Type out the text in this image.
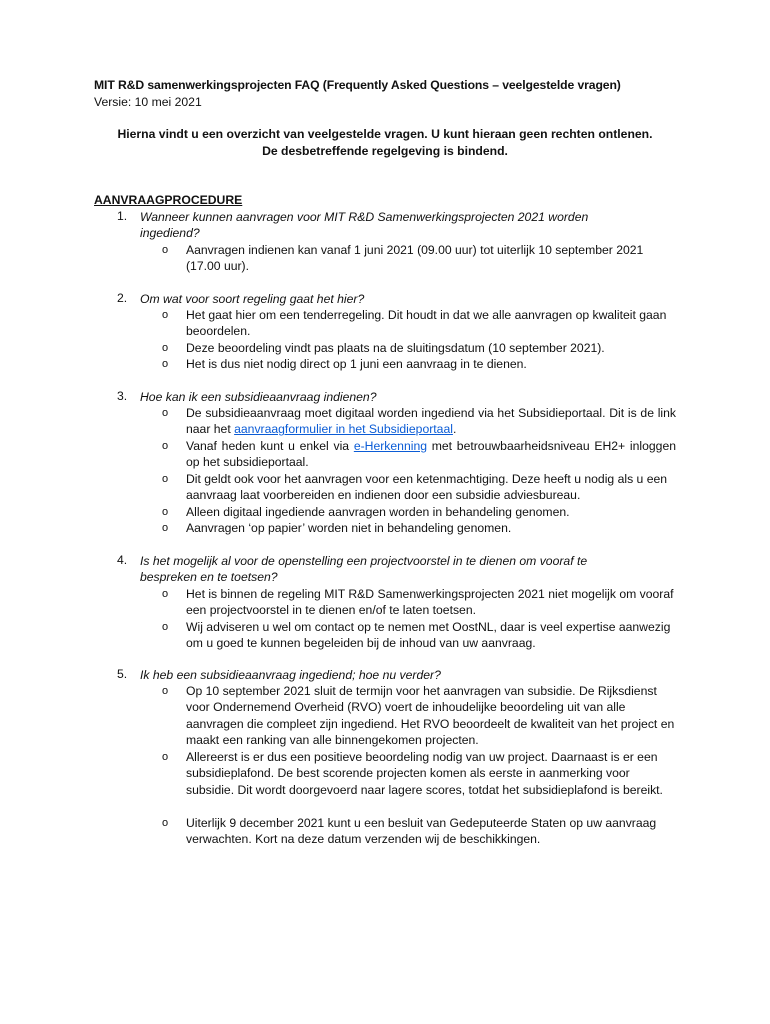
MIT R&D samenwerkingsprojecten FAQ (Frequently Asked Questions – veelgestelde vragen)
Versie: 10 mei 2021
Hierna vindt u een overzicht van veelgestelde vragen. U kunt hieraan geen rechten ontlenen.
De desbetreffende regelgeving is bindend.
AANVRAAGPROCEDURE
1. Wanneer kunnen aanvragen voor MIT R&D Samenwerkingsprojecten 2021 worden ingediend?
o Aanvragen indienen kan vanaf 1 juni 2021 (09.00 uur) tot uiterlijk 10 september 2021 (17.00 uur).
2. Om wat voor soort regeling gaat het hier?
o Het gaat hier om een tenderregeling. Dit houdt in dat we alle aanvragen op kwaliteit gaan beoordelen.
o Deze beoordeling vindt pas plaats na de sluitingsdatum (10 september 2021).
o Het is dus niet nodig direct op 1 juni een aanvraag in te dienen.
3. Hoe kan ik een subsidieaanvraag indienen?
o De subsidieaanvraag moet digitaal worden ingediend via het Subsidieportaal. Dit is de link naar het aanvraagformulier in het Subsidieportaal.
o Vanaf heden kunt u enkel via e-Herkenning met betrouwbaarheidsniveau EH2+ inloggen op het subsidieportaal.
o Dit geldt ook voor het aanvragen voor een ketenmachtiging. Deze heeft u nodig als u een aanvraag laat voorbereiden en indienen door een subsidie adviesbureau.
o Alleen digitaal ingediende aanvragen worden in behandeling genomen.
o Aanvragen ‘op papier’ worden niet in behandeling genomen.
4. Is het mogelijk al voor de openstelling een projectvoorstel in te dienen om vooraf te bespreken en te toetsen?
o Het is binnen de regeling MIT R&D Samenwerkingsprojecten 2021 niet mogelijk om vooraf een projectvoorstel in te dienen en/of te laten toetsen.
o Wij adviseren u wel om contact op te nemen met OostNL, daar is veel expertise aanwezig om u goed te kunnen begeleiden bij de inhoud van uw aanvraag.
5. Ik heb een subsidieaanvraag ingediend; hoe nu verder?
o Op 10 september 2021 sluit de termijn voor het aanvragen van subsidie. De Rijksdienst voor Ondernemend Overheid (RVO) voert de inhoudelijke beoordeling uit van alle aanvragen die compleet zijn ingediend. Het RVO beoordeelt de kwaliteit van het project en maakt een ranking van alle binnengekomen projecten.
o Allereerst is er dus een positieve beoordeling nodig van uw project. Daarnaast is er een subsidieplafond. De best scorende projecten komen als eerste in aanmerking voor subsidie. Dit wordt doorgevoerd naar lagere scores, totdat het subsidieplafond is bereikt.
o Uiterlijk 9 december 2021 kunt u een besluit van Gedeputeerde Staten op uw aanvraag verwachten. Kort na deze datum verzenden wij de beschikkingen.
